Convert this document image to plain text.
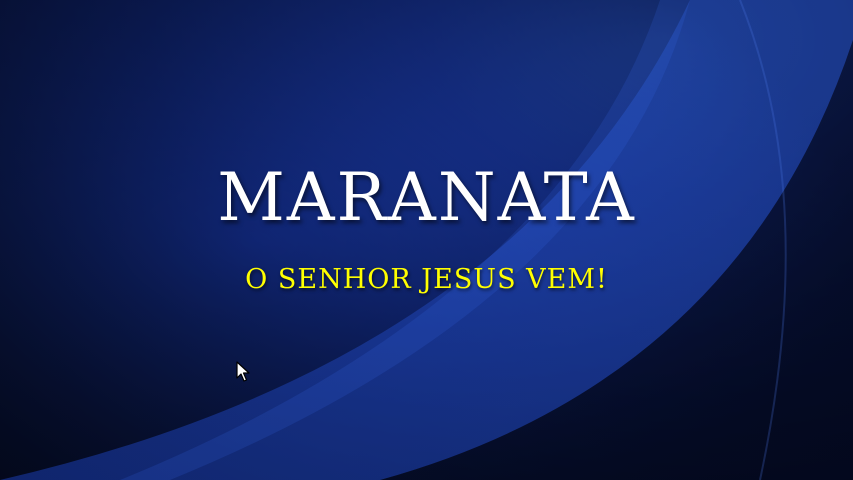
MARANATA
O SENHOR JESUS VEM!
